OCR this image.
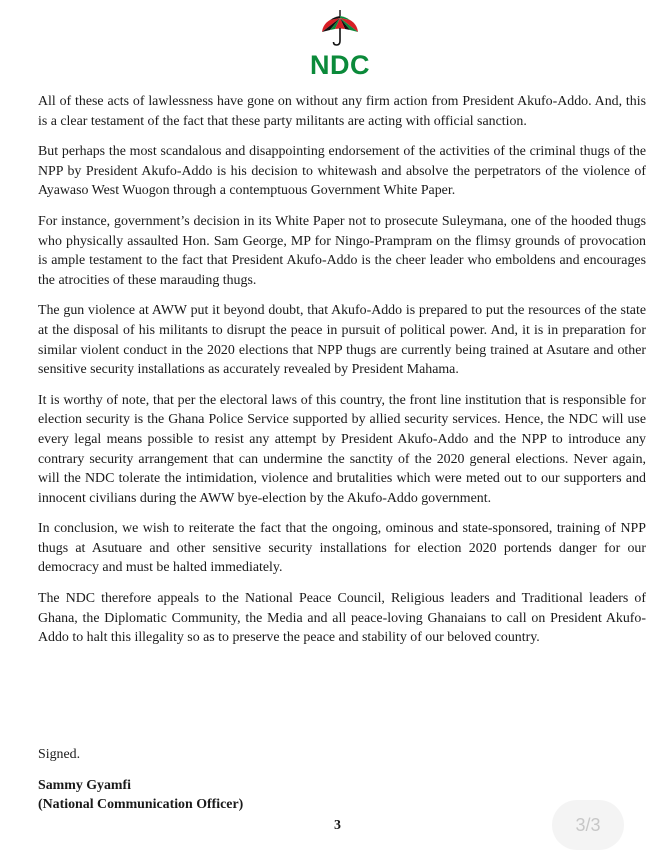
NDC

All of these acts of lawlessness have gone on without any firm action from President Akufo-Addo. And, this is a clear testament of the fact that these party militants are acting with official sanction.

But perhaps the most scandalous and disappointing endorsement of the activities of the criminal thugs of the NPP by President Akufo-Addo is his decision to whitewash and absolve the perpetrators of the violence of Ayawaso West Wuogon through a contemptuous Government White Paper.

For instance, government’s decision in its White Paper not to prosecute Suleymana, one of the hooded thugs who physically assaulted Hon. Sam George, MP for Ningo-Prampram on the flimsy grounds of provocation is ample testament to the fact that President Akufo-Addo is the cheer leader who emboldens and encourages the atrocities of these marauding thugs.

The gun violence at AWW put it beyond doubt, that Akufo-Addo is prepared to put the resources of the state at the disposal of his militants to disrupt the peace in pursuit of political power. And, it is in preparation for similar violent conduct in the 2020 elections that NPP thugs are currently being trained at Asutare and other sensitive security installations as accurately revealed by President Mahama.

It is worthy of note, that per the electoral laws of this country, the front line institution that is responsible for election security is the Ghana Police Service supported by allied security services. Hence, the NDC will use every legal means possible to resist any attempt by President Akufo-Addo and the NPP to introduce any contrary security arrangement that can undermine the sanctity of the 2020 general elections. Never again, will the NDC tolerate the intimidation, violence and brutalities which were meted out to our supporters and innocent civilians during the AWW bye-election by the Akufo-Addo government.

In conclusion, we wish to reiterate the fact that the ongoing, ominous and state-sponsored, training of NPP thugs at Asutuare and other sensitive security installations for election 2020 portends danger for our democracy and must be halted immediately.

The NDC therefore appeals to the National Peace Council, Religious leaders and Traditional leaders of Ghana, the Diplomatic Community, the Media and all peace-loving Ghanaians to call on President Akufo-Addo to halt this illegality so as to preserve the peace and stability of our beloved country.

Signed.
Sammy Gyamfi
(National Communication Officer)
3	3/3
